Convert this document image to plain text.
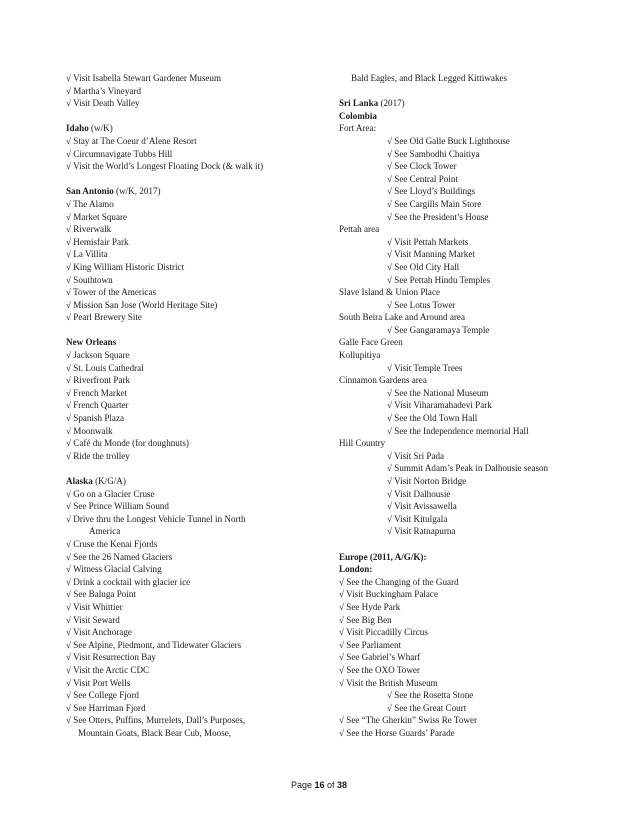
√ Visit Isabella Stewart Gardener Museum
√ Martha’s Vineyard
√ Visit Death Valley
Idaho (w/K)
√ Stay at The Coeur d’Alene Resort
√ Circumnavigate Tubbs Hill
√ Visit the World’s Longest Floating Dock (& walk it)
San Antonio (w/K, 2017)
√ The Alamo
√ Market Square
√ Riverwalk
√ Hemisfair Park
√ La Villita
√ King William Historic District
√ Southtown
√ Tower of the Americas
√ Mission San Jose (World Heritage Site)
√ Pearl Brewery Site
New Orleans
√ Jackson Square
√ St. Louis Cathedral
√ Riverfront Park
√ French Market
√ French Quarter
√ Spanish Plaza
√ Moonwalk
√ Café du Monde (for doughnuts)
√ Ride the trolley
Alaska (K/G/A)
√ Go on a Glacier Cruse
√ See Prince William Sound
√ Drive thru the Longest Vehicle Tunnel in North
America
√ Cruse the Kenai Fjords
√ See the 26 Named Glaciers
√ Witness Glacial Calving
√ Drink a cocktail with glacier ice
√ See Baluga Point
√ Visit Whittier
√ Visit Seward
√ Visit Anchorage
√ See Alpine, Piedmont, and Tidewater Glaciers
√ Visit Resurrection Bay
√ Visit the Arctic CDC
√ Visit Port Wells
√ See College Fjord
√ See Harriman Fjord
√ See Otters, Puffins, Murrelets, Dall’s Purposes,
Mountain Goats, Black Bear Cub, Moose,
Bald Eagles, and Black Legged Kittiwakes
Sri Lanka (2017)
Colombia
Fort Area:
√ See Old Galle Buck Lighthouse
√ See Sambodhi Chaitiya
√ See Clock Tower
√ See Central Point
√ See Lloyd’s Buildings
√ See Cargills Main Store
√ See the President’s House
Pettah area
√ Visit Pettah Markets
√ Visit Manning Market
√ See Old City Hall
√ See Pettah Hindu Temples
Slave Island & Union Place
√ See Lotus Tower
South Beira Lake and Around area
√ See Gangaramaya Temple
Galle Face Green
Kollupitiya
√ Visit Temple Trees
Cinnamon Gardens area
√ See the National Museum
√ Visit Viharamahadevi Park
√ See the Old Town Hall
√ See the Independence memorial Hall
Hill Country
√ Visit Sri Pada
√ Summit Adam’s Peak in Dalhousie season
√ Visit Norton Bridge
√ Visit Dalhousie
√ Visit Avissawella
√ Visit Kitulgala
√ Visit Ratnapurna
Europe (2011, A/G/K):
London:
√ See the Changing of the Guard
√ Visit Buckingham Palace
√ See Hyde Park
√ See Big Ben
√ Visit Piccadilly Circus
√ See Parliament
√ See Gabriel’s Wharf
√ See the OXO Tower
√ Visit the British Museum
√ See the Rosetta Stone
√ See the Great Court
√ See “The Gherkin” Swiss Re Tower
√ See the Horse Guards’ Parade
Page 16 of 38
